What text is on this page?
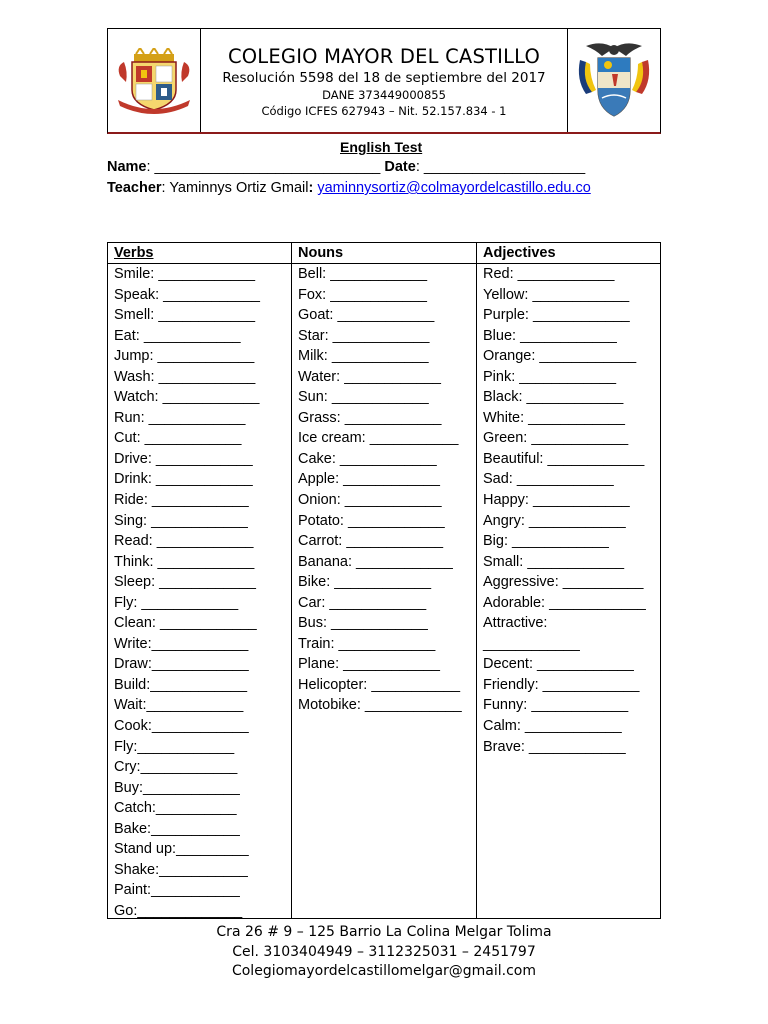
COLEGIO MAYOR DEL CASTILLO
Resolución 5598 del 18 de septiembre del 2017
DANE 373449000855
Código ICFES 627943 – Nit. 52.157.834 - 1
English Test
Name: ____________________________ Date: ____________________
Teacher: Yaminnys Ortiz Gmail: yaminnysortiz@colmayordelcastillo.edu.co
Verbs
Smile: ____________
Speak: ____________
Smell: ____________
Eat: ____________
Jump: ____________
Wash: ____________
Watch: ____________
Run: ____________
Cut: ____________
Drive: ____________
Drink: ____________
Ride: ____________
Sing: ____________
Read: ____________
Think: ____________
Sleep: ____________
Fly: ____________
Clean: ____________
Write:____________
Draw:____________
Build:____________
Wait:____________
Cook:____________
Fly:____________
Cry:____________
Buy:____________
Catch:__________
Bake:___________
Stand up:_________
Shake:___________
Paint:___________
Go:_____________
Nouns
Bell: ____________
Fox: ____________
Goat: ____________
Star: ____________
Milk: ____________
Water: ____________
Sun: ____________
Grass: ____________
Ice cream: ___________
Cake: ____________
Apple: ____________
Onion: ____________
Potato: ____________
Carrot: ____________
Banana: ____________
Bike: ____________
Car: ____________
Bus: ____________
Train: ____________
Plane: ____________
Helicopter: ___________
Motobike: ____________
Adjectives
Red: ____________
Yellow: ____________
Purple: ____________
Blue: ____________
Orange: ____________
Pink: ____________
Black: ____________
White: ____________
Green: ____________
Beautiful: ____________
Sad: ____________
Happy: ____________
Angry: ____________
Big: ____________
Small: ____________
Aggressive: __________
Adorable: ____________
Attractive:
____________
Decent: ____________
Friendly: ____________
Funny: ____________
Calm: ____________
Brave: ____________
Cra 26 # 9 – 125 Barrio La Colina Melgar Tolima
Cel. 3103404949 – 3112325031 – 2451797
Colegiomayordelcastillomelgar@gmail.com
